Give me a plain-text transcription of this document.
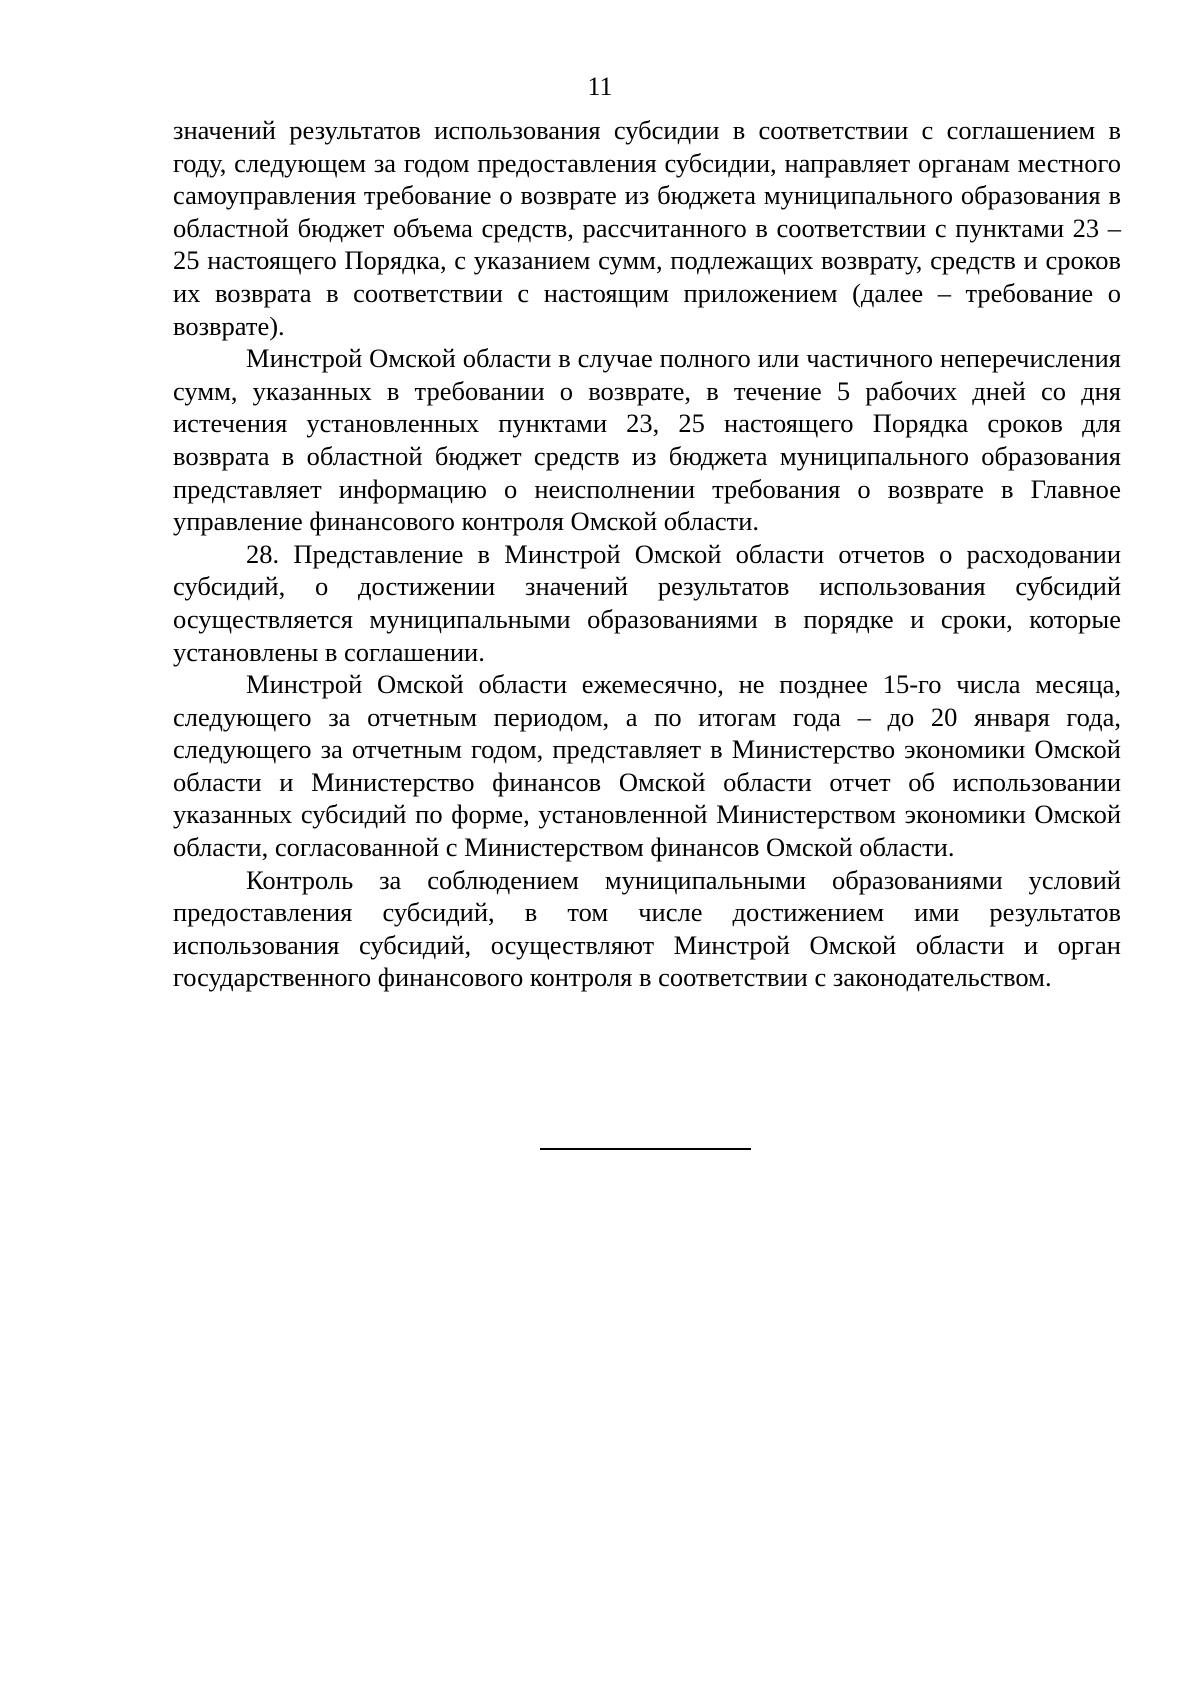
11

значений результатов использования субсидии в соответствии с соглашением в году, следующем за годом предоставления субсидии, направляет органам местного самоуправления требование о возврате из бюджета муниципального образования в областной бюджет объема средств, рассчитанного в соответствии с пунктами 23 – 25 настоящего Порядка, с указанием сумм, подлежащих возврату, средств и сроков их возврата в соответствии с настоящим приложением (далее – требование о возврате).

Минстрой Омской области в случае полного или частичного неперечисления сумм, указанных в требовании о возврате, в течение 5 рабочих дней со дня истечения установленных пунктами 23, 25 настоящего Порядка сроков для возврата в областной бюджет средств из бюджета муниципального образования представляет информацию о неисполнении требования о возврате в Главное управление финансового контроля Омской области.

28. Представление в Минстрой Омской области отчетов о расходовании субсидий, о достижении значений результатов использования субсидий осуществляется муниципальными образованиями в порядке и сроки, которые установлены в соглашении.

Минстрой Омской области ежемесячно, не позднее 15-го числа месяца, следующего за отчетным периодом, а по итогам года – до 20 января года, следующего за отчетным годом, представляет в Министерство экономики Омской области и Министерство финансов Омской области отчет об использовании указанных субсидий по форме, установленной Министерством экономики Омской области, согласованной с Министерством финансов Омской области.

Контроль за соблюдением муниципальными образованиями условий предоставления субсидий, в том числе достижением ими результатов использования субсидий, осуществляют Минстрой Омской области и орган государственного финансового контроля в соответствии с законодательством.
